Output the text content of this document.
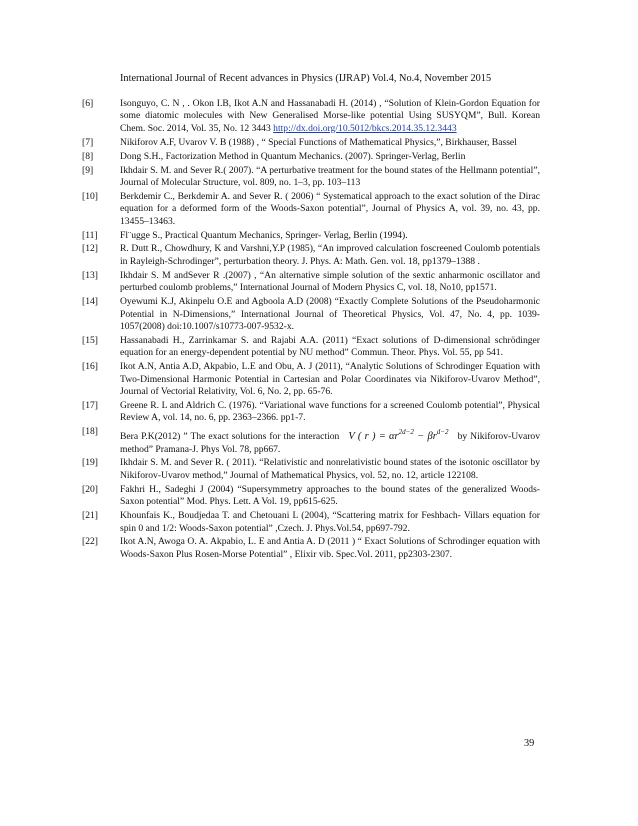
International Journal of Recent advances in Physics (IJRAP) Vol.4, No.4, November 2015
[6]	Isonguyo, C. N , . Okon I.B, Ikot A.N and Hassanabadi H. (2014) , “Solution of Klein-Gordon Equation for some diatomic molecules with New Generalised Morse-like potential Using SUSYQM”, Bull. Korean Chem. Soc. 2014, Vol. 35, No. 12 3443 http://dx.doi.org/10.5012/bkcs.2014.35.12.3443
[7]	Nikiforov A.F, Uvarov V. B (1988) , “ Special Functions of Mathematical Physics,”, Birkhauser, Bassel
[8]	Dong S.H., Factorization Method in Quantum Mechanics. (2007). Springer-Verlag, Berlin
[9]	Ikhdair S. M. and Sever R.( 2007). “A perturbative treatment for the bound states of the Hellmann potential”, Journal of Molecular Structure, vol. 809, no. 1–3, pp. 103–113
[10]	Berkdemir C., Berkdemir A. and Sever R. ( 2006) “ Systematical approach to the exact solution of the Dirac equation for a deformed form of the Woods-Saxon potential”, Journal of Physics A, vol. 39, no. 43, pp. 13455–13463.
[11]	Fl¨ugge S., Practical Quantum Mechanics, Springer- Verlag, Berlin (1994).
[12]	R. Dutt R., Chowdhury, K and Varshni,Y.P (1985), “An improved calculation foscreened Coulomb potentials in Rayleigh-Schrodinger”, perturbation theory. J. Phys. A: Math. Gen. vol. 18, pp1379–1388 .
[13]	Ikhdair S. M andSever R .(2007) , “An alternative simple solution of the sextic anharmonic oscillator and perturbed coulomb problems,” International Journal of Modern Physics C, vol. 18, No10, pp1571.
[14]	Oyewumi K.J, Akinpelu O.E and Agboola A.D (2008) “Exactly Complete Solutions of the Pseudoharmonic Potential in N-Dimensions,” International Journal of Theoretical Physics, Vol. 47, No. 4, pp. 1039-1057(2008) doi:10.1007/s10773-007-9532-x.
[15]	Hassanabadi H., Zarrinkamar S. and Rajabi A.A. (2011) “Exact solutions of D-dimensional schrödinger equation for an energy-dependent potential by NU method” Commun. Theor. Phys. Vol. 55, pp 541.
[16]	Ikot A.N, Antia A.D, Akpabio, L.E and Obu, A. J (2011), “Analytic Solutions of Schrodinger Equation with Two-Dimensional Harmonic Potential in Cartesian and Polar Coordinates via Nikiforov-Uvarov Method”, Journal of Vectorial Relativity, Vol. 6, No. 2, pp. 65-76.
[17]	Greene R. L and Aldrich C. (1976). “Variational wave functions for a screened Coulomb potential”, Physical Review A, vol. 14, no. 6, pp. 2363–2366. pp1-7.
[18]	Bera P.K(2012) ” The exact solutions for the interaction V ( r ) = $\alpha r^{2d-2} - \beta r^{d-2}$ by Nikiforov-Uvarov method” Pramana-J. Phys Vol. 78, pp667.
[19]	Ikhdair S. M. and Sever R. ( 2011). “Relativistic and nonrelativistic bound states of the isotonic oscillator by Nikiforov-Uvarov method,” Journal of Mathematical Physics, vol. 52, no. 12, article 122108.
[20]	Fakhri H., Sadeghi J (2004) “Supersymmetry approaches to the bound states of the generalized Woods-Saxon potential” Mod. Phys. Lett. A Vol. 19, pp615-625.
[21]	Khounfais K., Boudjedaa T. and Chetouani L (2004), “Scattering matrix for Feshbach- Villars equation for spin 0 and 1/2: Woods-Saxon potential” ,Czech. J. Phys.Vol.54, pp697-792.
[22]	Ikot A.N, Awoga O. A. Akpabio, L. E and Antia A. D (2011 ) “ Exact Solutions of Schrodinger equation with Woods-Saxon Plus Rosen-Morse Potential” , Elixir vib. Spec.Vol. 2011, pp2303-2307.
39
